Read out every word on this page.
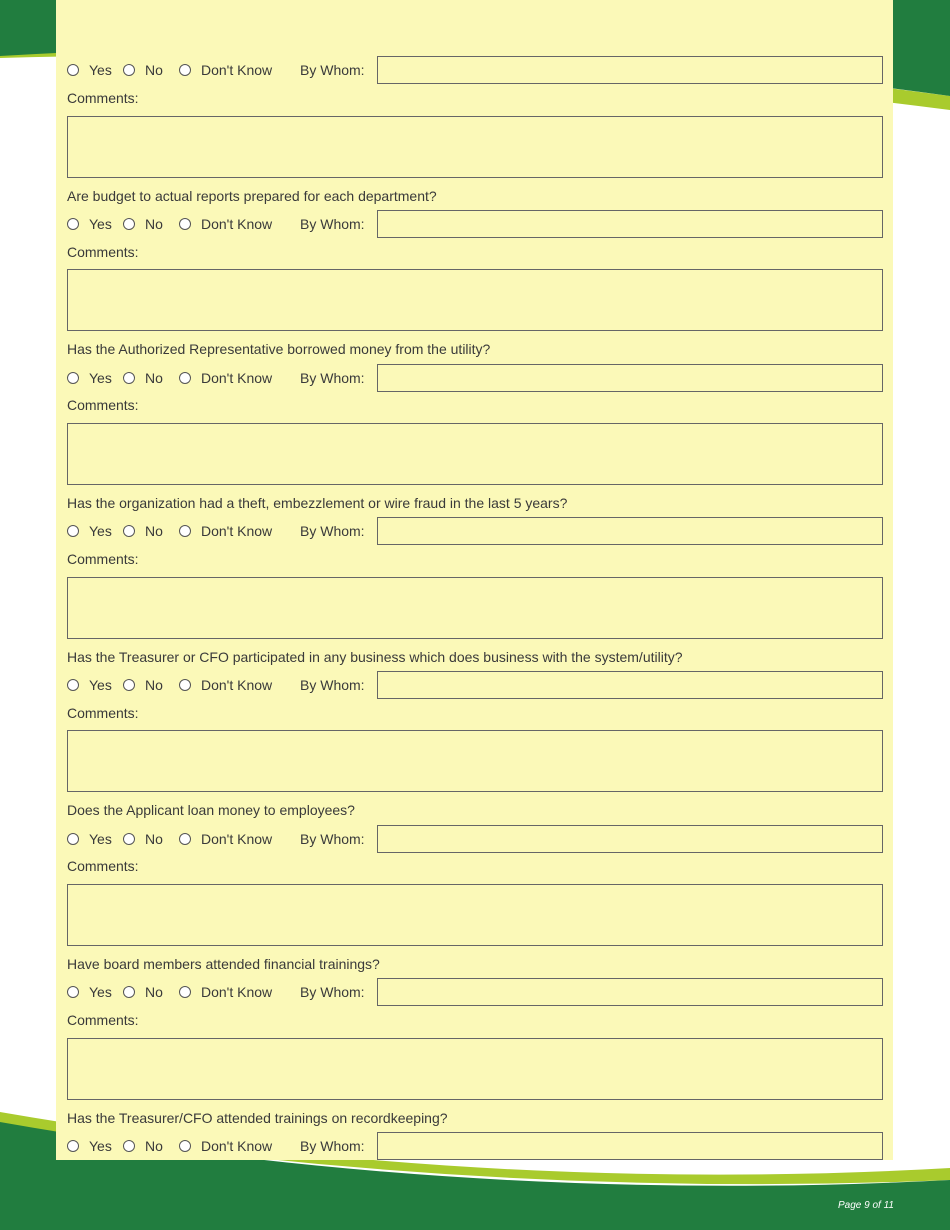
Yes No	Don't Know By Whom:
Comments:
Are budget to actual reports prepared for each department?
Yes No	Don't Know By Whom:
Comments:
Has the Authorized Representative borrowed money from the utility?
Yes No	Don't Know By Whom:
Comments:
Has the organization had a theft, embezzlement or wire fraud in the last 5 years?
Yes No	Don't Know By Whom:
Comments:
Has the Treasurer or CFO participated in any business which does business with the system/utility?
Yes No	Don't Know By Whom:
Comments:
Does the Applicant loan money to employees?
Yes No	Don't Know By Whom:
Comments:
Have board members attended financial trainings?
Yes No	Don't Know By Whom:
Comments:
Has the Treasurer/CFO attended trainings on recordkeeping?
Yes No	Don't Know By Whom:
Page 9 of 11
